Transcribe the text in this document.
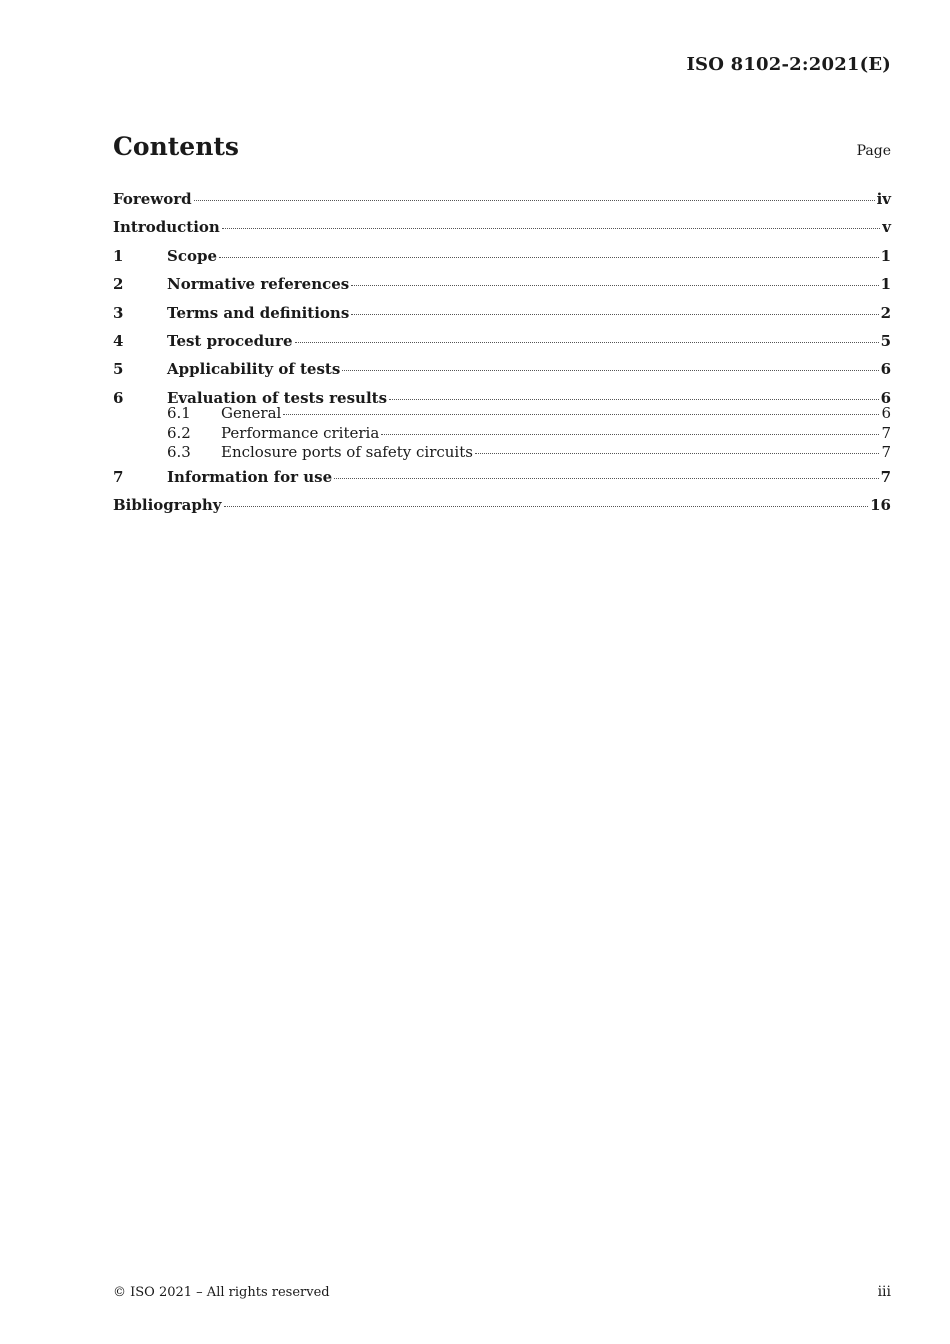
ISO 8102-2:2021(E)
Contents	Page
Foreword	iv
Introduction	v
1	Scope	1
2	Normative references	1
3	Terms and definitions	2
4	Test procedure	5
5	Applicability of tests	6
6	Evaluation of tests results	6
6.1	General	6
6.2	Performance criteria	7
6.3	Enclosure ports of safety circuits	7
7	Information for use	7
Bibliography	16
© ISO 2021 – All rights reserved	iii
